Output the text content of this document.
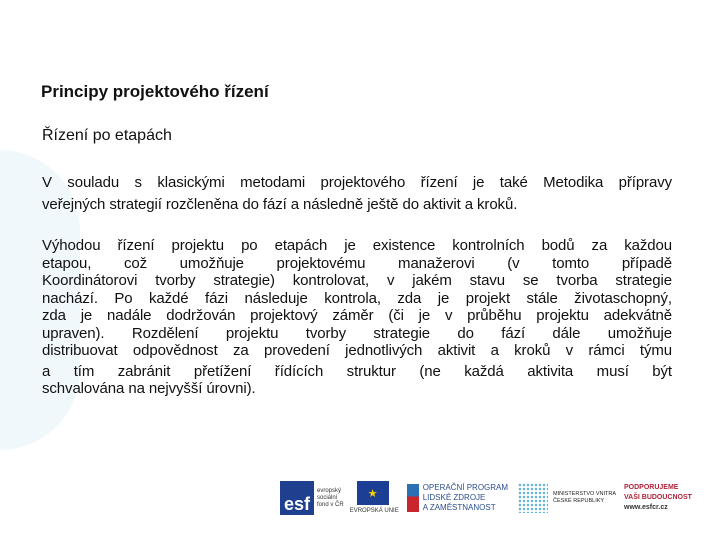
Principy projektového řízení
Řízení po etapách
V souladu s klasickými metodami projektového řízení je také Metodika přípravy
veřejných strategií rozčleněna do fází a následně ještě do aktivit a kroků.
Výhodou řízení projektu po etapách je existence kontrolních bodů za každou
etapou, což umožňuje projektovému manažerovi (v tomto případě
Koordinátorovi tvorby strategie) kontrolovat, v jakém stavu se tvorba strategie
nachází. Po každé fázi následuje kontrola, zda je projekt stále životaschopný,
zda je nadále dodržován projektový záměr (či je v průběhu projektu adekvátně
upraven). Rozdělení projektu tvorby strategie do fází dále umožňuje
distribuovat odpovědnost za provedení jednotlivých aktivit a kroků v rámci týmu
a tím zabránit přetížení řídících struktur (ne každá aktivita musí být
schvalována na nejvyšší úrovni).
esf
evropský
sociální
fond v ČR
★
EVROPSKÁ UNIE
OPERAČNÍ PROGRAM
LIDSKÉ ZDROJE
A ZAMĚSTNANOST
MINISTERSTVO VNITRA
ČESKÉ REPUBLIKY
PODPORUJEME
VAŠI BUDOUCNOST
www.esfcr.cz
